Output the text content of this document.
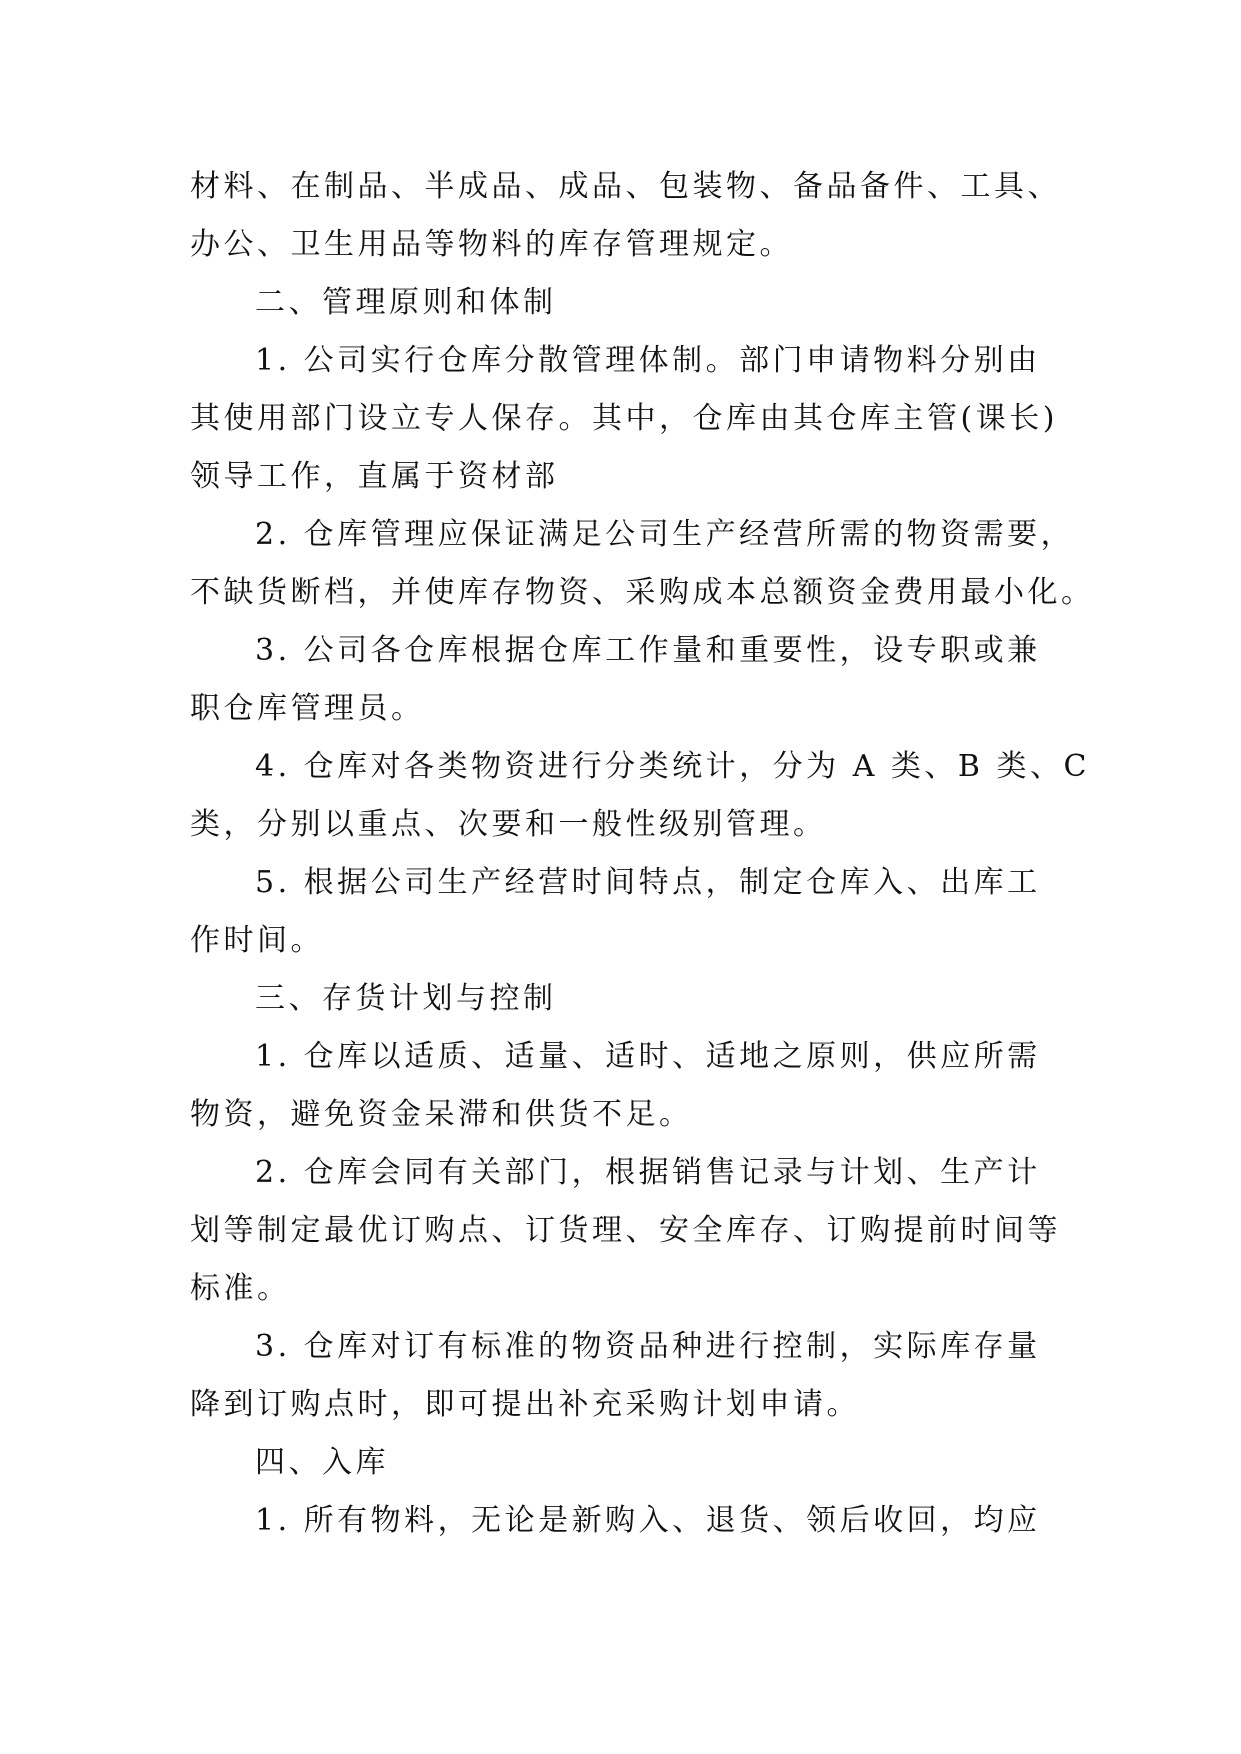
材料、在制品、半成品、成品、包装物、备品备件、工具、
办公、卫生用品等物料的库存管理规定。
二、管理原则和体制
1. 公司实行仓库分散管理体制。部门申请物料分别由
其使用部门设立专人保存。其中，仓库由其仓库主管(课长)
领导工作，直属于资材部
2. 仓库管理应保证满足公司生产经营所需的物资需要，
不缺货断档，并使库存物资、采购成本总额资金费用最小化。
3. 公司各仓库根据仓库工作量和重要性，设专职或兼
职仓库管理员。
4. 仓库对各类物资进行分类统计，分为 A 类、B 类、C
类，分别以重点、次要和一般性级别管理。
5. 根据公司生产经营时间特点，制定仓库入、出库工
作时间。
三、存货计划与控制
1. 仓库以适质、适量、适时、适地之原则，供应所需
物资，避免资金呆滞和供货不足。
2. 仓库会同有关部门，根据销售记录与计划、生产计
划等制定最优订购点、订货理、安全库存、订购提前时间等
标准。
3. 仓库对订有标准的物资品种进行控制，实际库存量
降到订购点时，即可提出补充采购计划申请。
四、入库
1. 所有物料，无论是新购入、退货、领后收回，均应
